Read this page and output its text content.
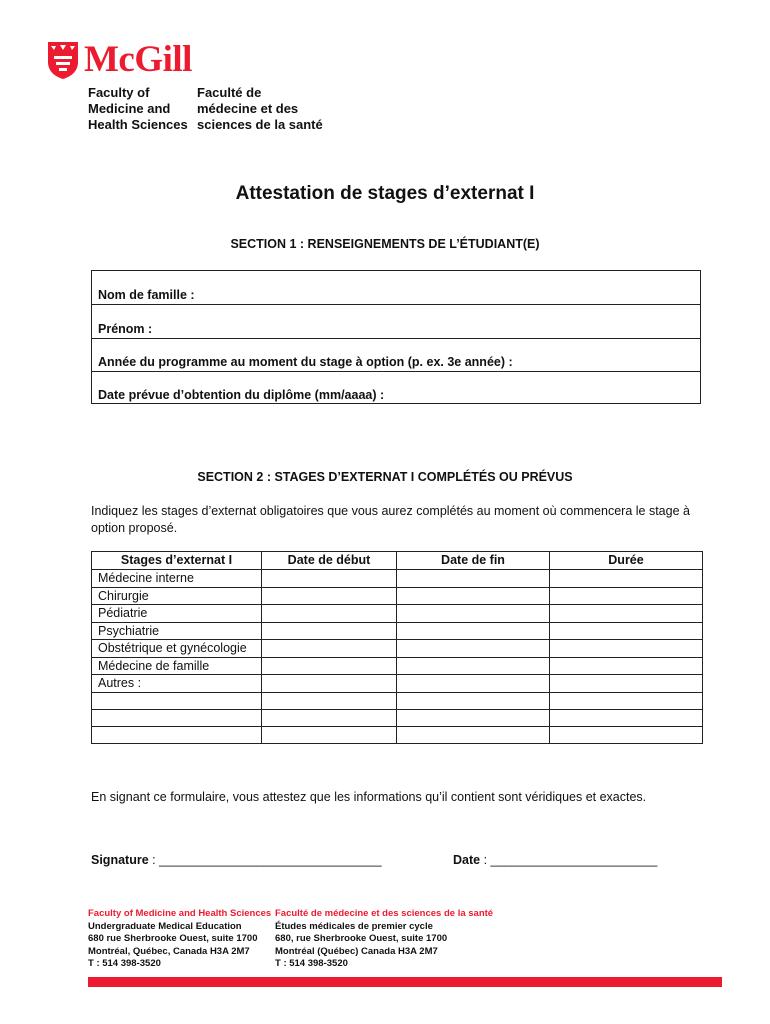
McGill
Faculty of
Medicine and
Health Sciences
Faculté de
médecine et des
sciences de la santé
Attestation de stages d’externat I
SECTION 1 : RENSEIGNEMENTS DE L’ÉTUDIANT(E)
Nom de famille :
Prénom :
Année du programme au moment du stage à option (p. ex. 3e année) :
Date prévue d’obtention du diplôme (mm/aaaa) :
SECTION 2 : STAGES D’EXTERNAT I COMPLÉTÉS OU PRÉVUS
Indiquez les stages d’externat obligatoires que vous aurez complétés au moment où commencera le stage à option proposé.
Stages d’externat I	Date de début	Date de fin	Durée
Médecine interne			
Chirurgie			
Pédiatrie			
Psychiatrie			
Obstétrique et gynécologie			
Médecine de famille			
Autres :			

En signant ce formulaire, vous attestez que les informations qu’il contient sont véridiques et exactes.
Signature : ________________________________	Date : ________________________
Faculty of Medicine and Health Sciences
Undergraduate Medical Education
680 rue Sherbrooke Ouest, suite 1700
Montréal, Québec, Canada H3A 2M7
T : 514 398-3520
Faculté de médecine et des sciences de la santé
Études médicales de premier cycle
680, rue Sherbrooke Ouest, suite 1700
Montréal (Québec) Canada H3A 2M7
T : 514 398-3520
